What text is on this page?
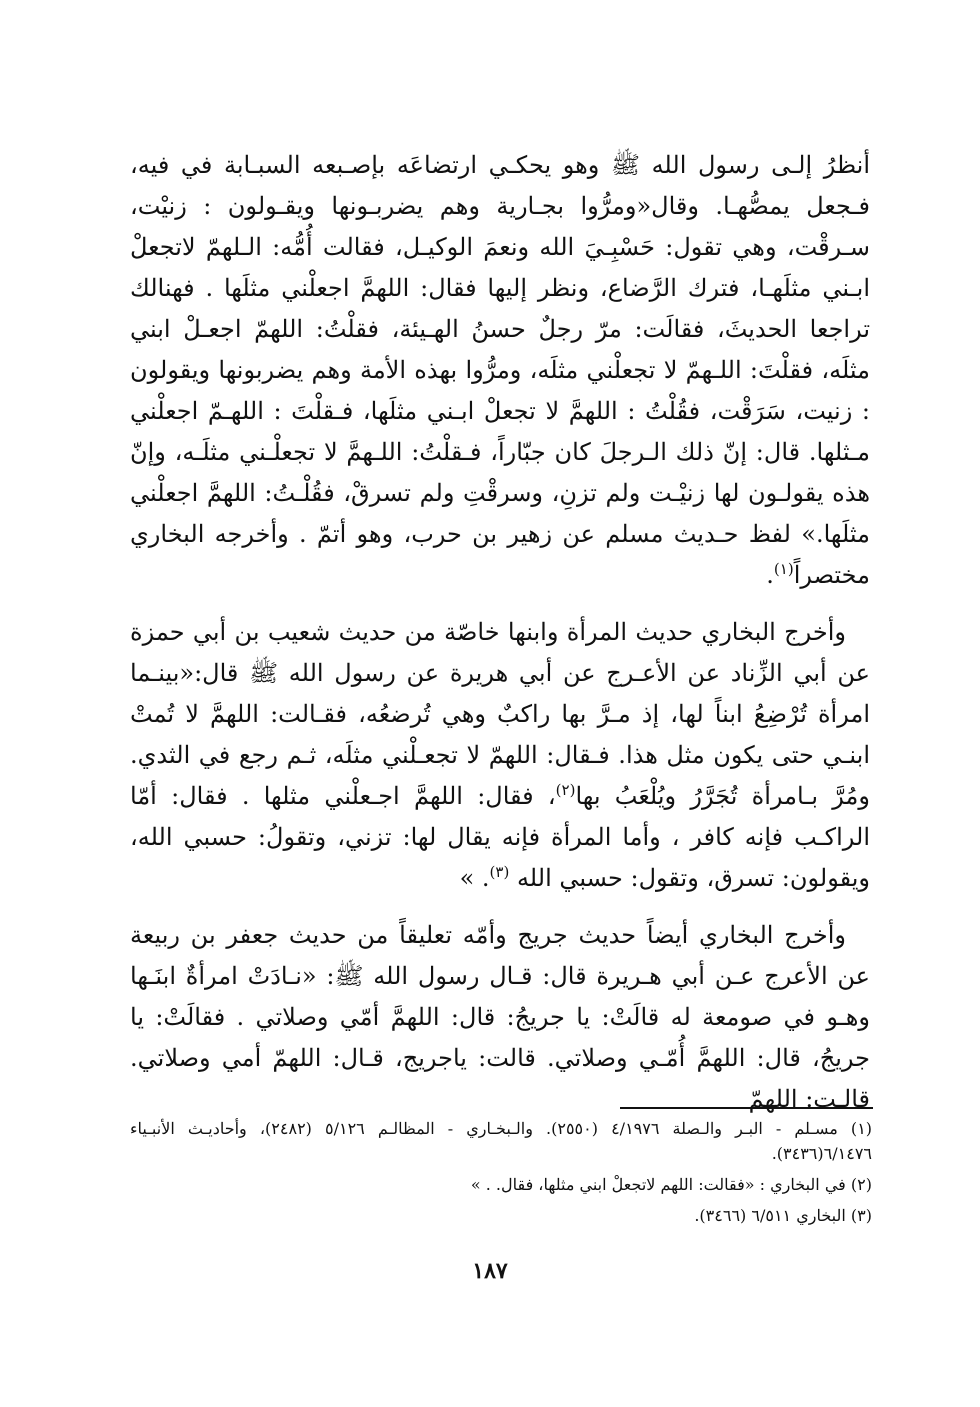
أنظرُ إلـى رسول الله ﷺ وهو يحكـي ارتضاعَه بإصـبعه السبـابة في فيه، فـجعل يمصُّهـا. وقال«ومرُّوا بجـارية وهم يضربـونها ويقـولون : زنيْت، سـرقْت، وهي تقول: حَسْبِـيَ الله ونعمَ الوكيـل، فقالت أُمُّه: الـلهمّ لاتجعلْ ابـني مثلَهـا، فترك الرَّضاع، ونظر إليها فقال: اللهمَّ اجعلْني مثلَها . فهنالك تراجعا الحديثَ، فقالَت: مرّ رجلٌ حسنُ الهـيئة، فقلْتُ: اللهمّ اجعـلْ ابني مثلَه، فقلْتَ: اللـهمّ لا تجعلْني مثلَه، ومرُّوا بهذه الأمة وهم يضربونها ويقولون : زنيت، سَرَقْت، فقُلْتُ : اللهمَّ لا تجعلْ ابـني مثلَها، فـقلْتَ : اللهـمّ اجعلْني مـثلها. قال: إنّ ذلك الـرجلَ كان جبّاراً، فـقلْتُ: اللـهمَّ لا تجعلْـني مثلَـه، وإنّ هذه يقولـون لها زنيْـت ولم تزنِ، وسرقْتِ ولم تسرقْ، فقُلْـتُ: اللهمَّ اجعلْني مثلَها.» لفظ حـديث مسلم عن زهير بن حرب، وهو أتمّ . وأخرجه البخاري مختصراً$^{(١)}$.

وأخرج البخاري حديث المرأة وابنها خاصّة من حديث شعيب بن أبي حمزة عن أبي الزِّناد عن الأعـرج عن أبي هريرة عن رسول الله ﷺ قال:«بينـما امرأة تُرْضِعُ ابناً لها، إذ مـرَّ بها راكبٌ وهي تُرضعُه، فقـالت: اللهمَّ لا تُمتْ ابنـي حتى يكون مثل هذا. فـقال: اللهمّ لا تجعـلْني مثلَه، ثـم رجع في الثدي. ومُرَّ بـامرأة تُجَرَّرُ ويُلْعَبُ بها$^{(٢)}$، فقال: اللهمَّ اجـعلْني مثلها . فقال: أمّا الراكـب فإنه كافر ، وأما المرأة فإنه يقال لها: تزني، وتقولُ: حسبي الله، ويقولون: تسرق، وتقول: حسبي الله $^{(٣)}$. »

وأخرج البخاري أيضاً حديث جريج وأمّه تعليقاً من حديث جعفر بن ربيعة عن الأعرج عـن أبي هـريرة قال: قـال رسول الله ﷺ: «نـادَتْ امرأةٌ ابنَـها وهـو في صومعة له قالَتْ: يا جريجُ: قال: اللهمَّ أمّي وصلاتي . فقالَتْ: يا جريجُ، قال: اللهمَّ أُمّـي وصلاتي. قالت: ياجريج، قـال: اللهمّ أمي وصلاتي. قالـت: اللهمّ

(١) مسـلم - البـر والـصلة ٤/١٩٧٦ (٢٥٥٠). والـبخـاري - المظالـم ٥/١٢٦ (٢٤٨٢)، وأحاديـث الأنبـياء ٦/١٤٧٦(٣٤٣٦).

(٢) في البخاري : «فقالت: اللهم لاتجعلْ ابني مثلها، فقال. . »

(٣) البخاري ٦/٥١١ (٣٤٦٦).

١٨٧
